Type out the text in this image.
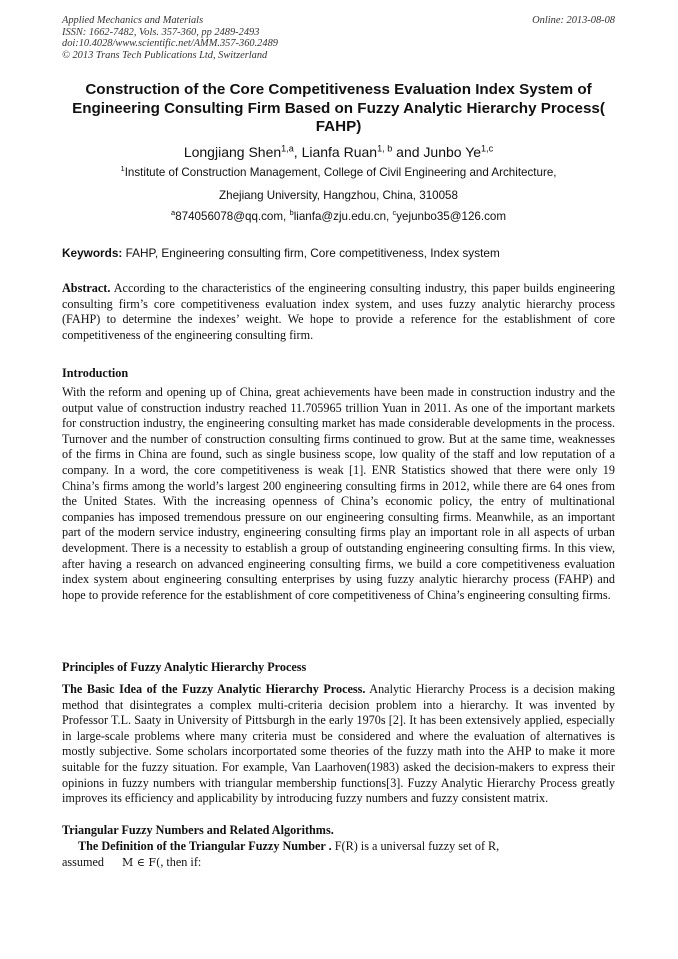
Applied Mechanics and Materials
ISSN: 1662-7482, Vols. 357-360, pp 2489-2493
doi:10.4028/www.scientific.net/AMM.357-360.2489
© 2013 Trans Tech Publications Ltd, Switzerland
Online: 2013-08-08
Construction of the Core Competitiveness Evaluation Index System of Engineering Consulting Firm Based on Fuzzy Analytic Hierarchy Process( FAHP)
Longjiang Shen$^{1,a}$, Lianfa Ruan$^{1, b}$ and Junbo Ye$^{1,c}$
$^1$Institute of Construction Management, College of Civil Engineering and Architecture,
Zhejiang University, Hangzhou, China, 310058
$^a$874056078@qq.com, $^b$lianfa@zju.edu.cn, $^c$yejunbo35@126.com
Keywords: FAHP, Engineering consulting firm, Core competitiveness, Index system
Abstract. According to the characteristics of the engineering consulting industry, this paper builds engineering consulting firm’s core competitiveness evaluation index system, and uses fuzzy analytic hierarchy process (FAHP) to determine the indexes’ weight. We hope to provide a reference for the establishment of core competitiveness of the engineering consulting firm.
Introduction
With the reform and opening up of China, great achievements have been made in construction industry and the output value of construction industry reached 11.705965 trillion Yuan in 2011. As one of the important markets for construction industry, the engineering consulting market has made considerable developments in the process. Turnover and the number of construction consulting firms continued to grow. But at the same time, weaknesses of the firms in China are found, such as single business scope, low quality of the staff and low reputation of a company. In a word, the core competitiveness is weak [1]. ENR Statistics showed that there were only 19 China’s firms among the world’s largest 200 engineering consulting firms in 2012, while there are 64 ones from the United States. With the increasing openness of China’s economic policy, the entry of multinational companies has imposed tremendous pressure on our engineering consulting firms. Meanwhile, as an important part of the modern service industry, engineering consulting firms play an important role in all aspects of urban development. There is a necessity to establish a group of outstanding engineering consulting firms. In this view, after having a research on advanced engineering consulting firms, we build a core competitiveness evaluation index system about engineering consulting enterprises by using fuzzy analytic hierarchy process (FAHP) and hope to provide reference for the establishment of core competitiveness of China’s engineering consulting firms.
Principles of Fuzzy Analytic Hierarchy Process
The Basic Idea of the Fuzzy Analytic Hierarchy Process. Analytic Hierarchy Process is a decision making method that disintegrates a complex multi-criteria decision problem into a hierarchy. It was invented by Professor T.L. Saaty in University of Pittsburgh in the early 1970s [2]. It has been extensively applied, especially in large-scale problems where many criteria must be considered and where the evaluation of alternatives is mostly subjective. Some scholars incorportated some theories of the fuzzy math into the AHP to make it more suitable for the fuzzy situation. For example, Van Laarhoven(1983) asked the decision-makers to express their opinions in fuzzy numbers with triangular membership functions[3]. Fuzzy Analytic Hierarchy Process greatly improves its efficiency and applicability by introducing fuzzy numbers and fuzzy consistent matrix.
Triangular Fuzzy Numbers and Related Algorithms.
The Definition of the Triangular Fuzzy Number . F(R) is a universal fuzzy set of R,
assumed M ∈ F(, then if:
